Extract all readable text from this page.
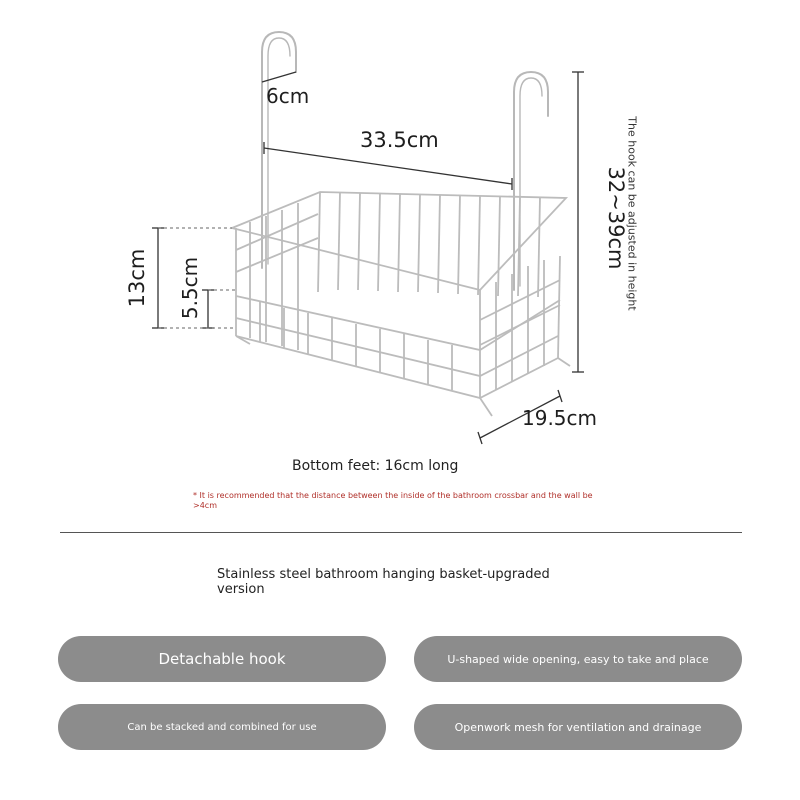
33.5cm
6cm
13cm 5.5cm
19.5cm
32~39cm
The hook can be adjusted in height
Bottom feet: 16cm long
* It is recommended that the distance between the inside of the bathroom crossbar and the wall be >4cm
Stainless steel bathroom hanging basket-upgraded version
Detachable hook	U-shaped wide opening, easy to take and place
Can be stacked and combined for use	Openwork mesh for ventilation and drainage
